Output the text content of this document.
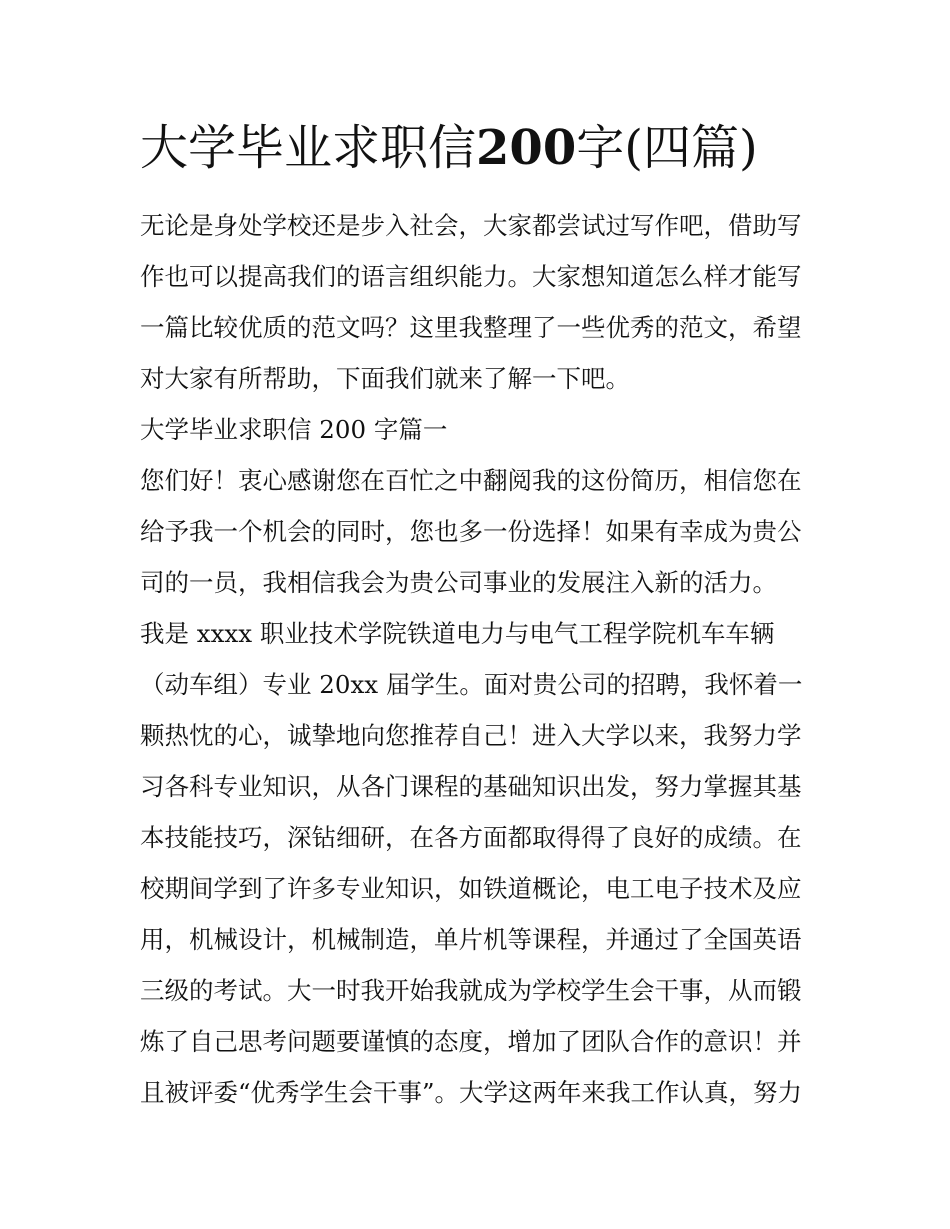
大学毕业求职信200字(四篇)

无论是身处学校还是步入社会，大家都尝试过写作吧，借助写

作也可以提高我们的语言组织能力。大家想知道怎么样才能写

一篇比较优质的范文吗？这里我整理了一些优秀的范文，希望

对大家有所帮助，下面我们就来了解一下吧。

大学毕业求职信 200 字篇一

您们好！衷心感谢您在百忙之中翻阅我的这份简历，相信您在

给予我一个机会的同时，您也多一份选择！如果有幸成为贵公

司的一员，我相信我会为贵公司事业的发展注入新的活力。

我是 xxxx 职业技术学院铁道电力与电气工程学院机车车辆

（动车组）专业 20xx 届学生。面对贵公司的招聘，我怀着一

颗热忱的心，诚挚地向您推荐自己！进入大学以来，我努力学

习各科专业知识，从各门课程的基础知识出发，努力掌握其基

本技能技巧，深钻细研，在各方面都取得得了良好的成绩。在

校期间学到了许多专业知识，如铁道概论，电工电子技术及应

用，机械设计，机械制造，单片机等课程，并通过了全国英语

三级的考试。大一时我开始我就成为学校学生会干事，从而锻

炼了自己思考问题要谨慎的态度，增加了团队合作的意识！并

且被评委“优秀学生会干事”。大学这两年来我工作认真，努力
